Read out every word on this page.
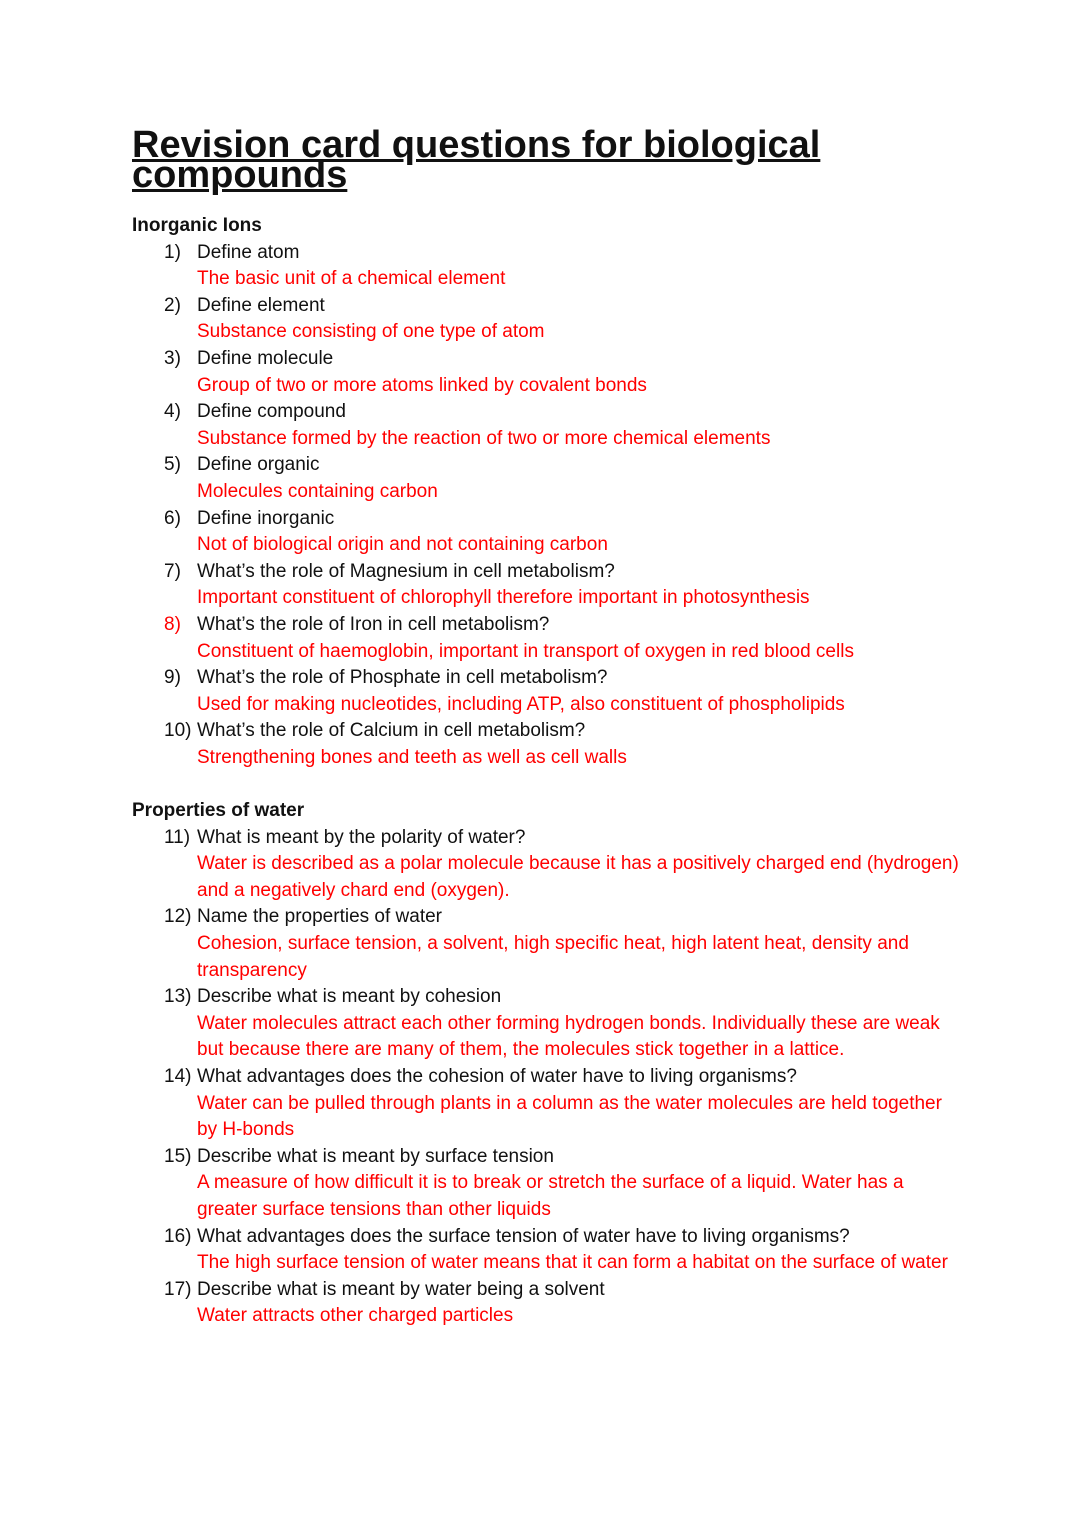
Revision card questions for biological compounds
Inorganic Ions
1) Define atom
The basic unit of a chemical element
2) Define element
Substance consisting of one type of atom
3) Define molecule
Group of two or more atoms linked by covalent bonds
4) Define compound
Substance formed by the reaction of two or more chemical elements
5) Define organic
Molecules containing carbon
6) Define inorganic
Not of biological origin and not containing carbon
7) What’s the role of Magnesium in cell metabolism?
Important constituent of chlorophyll therefore important in photosynthesis
8) What’s the role of Iron in cell metabolism?
Constituent of haemoglobin, important in transport of oxygen in red blood cells
9) What’s the role of Phosphate in cell metabolism?
Used for making nucleotides, including ATP, also constituent of phospholipids
10) What’s the role of Calcium in cell metabolism?
Strengthening bones and teeth as well as cell walls
Properties of water
11) What is meant by the polarity of water?
Water is described as a polar molecule because it has a positively charged end (hydrogen) and a negatively chard end (oxygen).
12) Name the properties of water
Cohesion, surface tension, a solvent, high specific heat, high latent heat, density and transparency
13) Describe what is meant by cohesion
Water molecules attract each other forming hydrogen bonds. Individually these are weak but because there are many of them, the molecules stick together in a lattice.
14) What advantages does the cohesion of water have to living organisms?
Water can be pulled through plants in a column as the water molecules are held together by H-bonds
15) Describe what is meant by surface tension
A measure of how difficult it is to break or stretch the surface of a liquid. Water has a greater surface tensions than other liquids
16) What advantages does the surface tension of water have to living organisms?
The high surface tension of water means that it can form a habitat on the surface of water
17) Describe what is meant by water being a solvent
Water attracts other charged particles
